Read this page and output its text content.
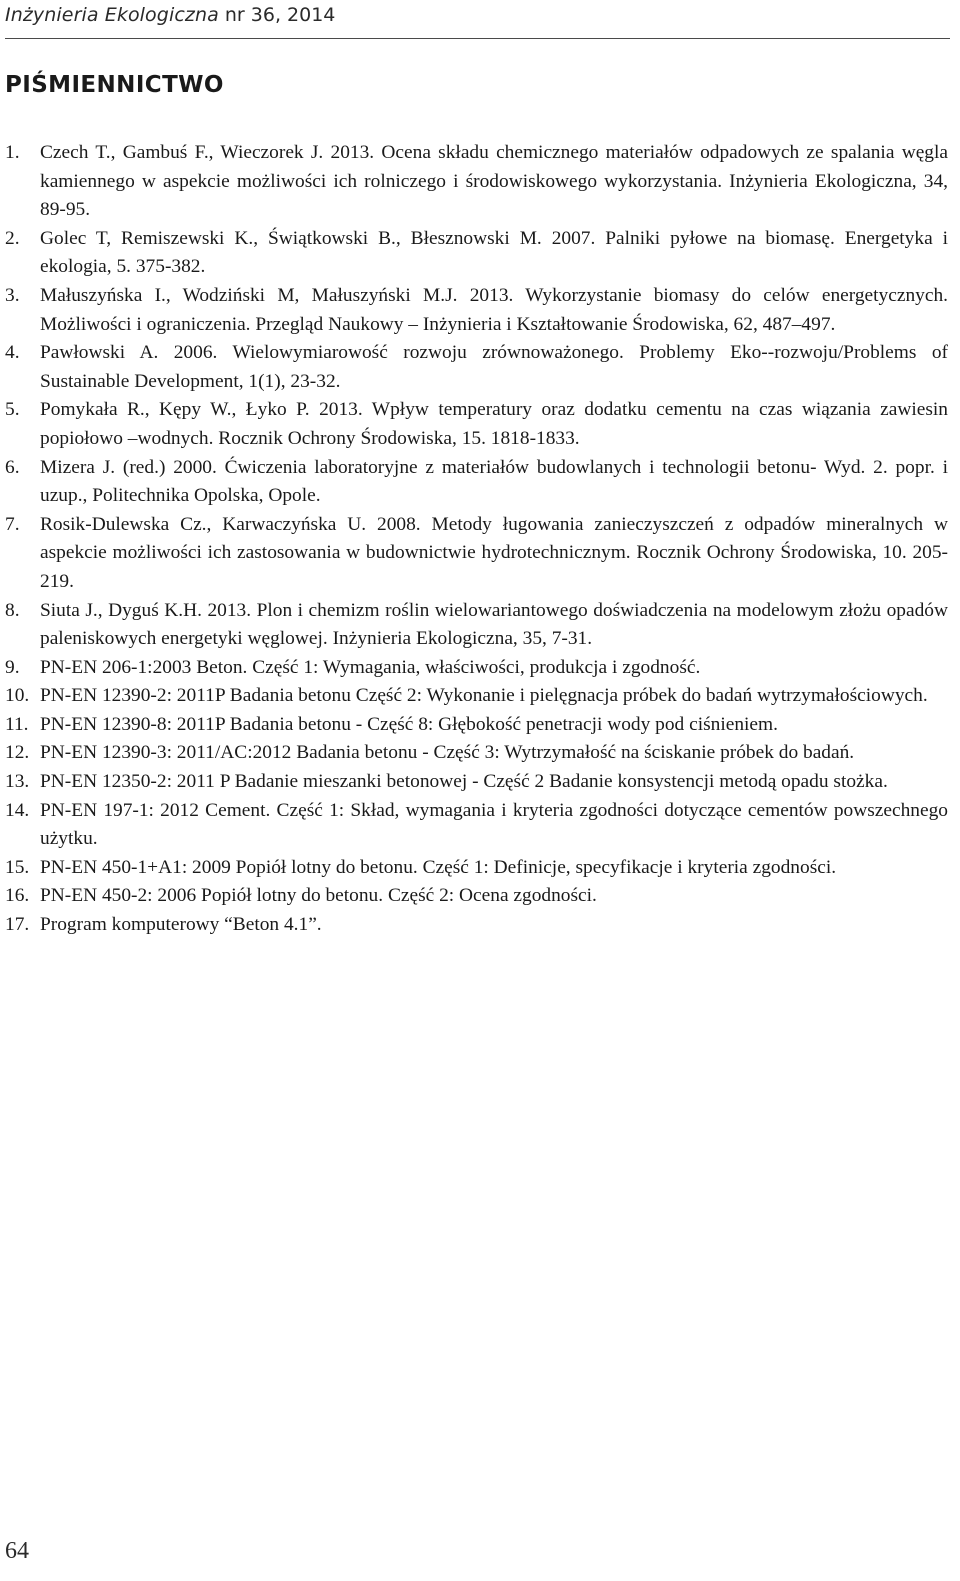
Inżynieria Ekologiczna nr 36, 2014
PIŚMIENNICTWO
1. Czech T., Gambuś F., Wieczorek J. 2013. Ocena składu chemicznego materiałów odpadowych ze spalania węgla kamiennego w aspekcie możliwości ich rolniczego i środowiskowego wykorzystania. Inżynieria Ekologiczna, 34, 89-95.
2. Golec T, Remiszewski K., Świątkowski B., Błesznowski M. 2007. Palniki pyłowe na biomasę. Energetyka i ekologia, 5. 375-382.
3. Małuszyńska I., Wodziński M, Małuszyński M.J. 2013. Wykorzystanie biomasy do celów energetycznych. Możliwości i ograniczenia. Przegląd Naukowy – Inżynieria i Kształtowanie Środowiska, 62, 487–497.
4. Pawłowski A. 2006. Wielowymiarowość rozwoju zrównoważonego. Problemy Eko-‑rozwoju/Problems of Sustainable Development, 1(1), 23-32.
5. Pomykała R., Kępy W., Łyko P. 2013. Wpływ temperatury oraz dodatku cementu na czas wiązania zawiesin popiołowo –wodnych. Rocznik Ochrony Środowiska, 15. 1818-1833.
6. Mizera J. (red.) 2000. Ćwiczenia laboratoryjne z materiałów budowlanych i technologii betonu- Wyd. 2. popr. i uzup., Politechnika Opolska, Opole.
7. Rosik-Dulewska Cz., Karwaczyńska U. 2008. Metody ługowania zanieczyszczeń z odpadów mineralnych w aspekcie możliwości ich zastosowania w budownictwie hydrotechnicznym. Rocznik Ochrony Środowiska, 10. 205-219.
8. Siuta J., Dyguś K.H. 2013. Plon i chemizm roślin wielowariantowego doświadczenia na modelowym złożu opadów paleniskowych energetyki węglowej. Inżynieria Ekologiczna, 35, 7-31.
9. PN-EN 206-1:2003 Beton. Część 1: Wymagania, właściwości, produkcja i zgodność.
10. PN-EN 12390-2: 2011P Badania betonu Część 2: Wykonanie i pielęgnacja próbek do badań wytrzymałościowych.
11. PN-EN 12390-8: 2011P Badania betonu - Część 8: Głębokość penetracji wody pod ciśnieniem.
12. PN-EN 12390-3: 2011/AC:2012 Badania betonu - Część 3: Wytrzymałość na ściskanie próbek do badań.
13. PN-EN 12350-2: 2011 P Badanie mieszanki betonowej - Część 2 Badanie konsystencji metodą opadu stożka.
14. PN-EN 197-1: 2012 Cement. Część 1: Skład, wymagania i kryteria zgodności dotyczące cementów powszechnego użytku.
15. PN-EN 450-1+A1: 2009 Popiół lotny do betonu. Część 1: Definicje, specyfikacje i kryteria zgodności.
16. PN-EN 450-2: 2006 Popiół lotny do betonu. Część 2: Ocena zgodności.
17. Program komputerowy “Beton 4.1”.
64
